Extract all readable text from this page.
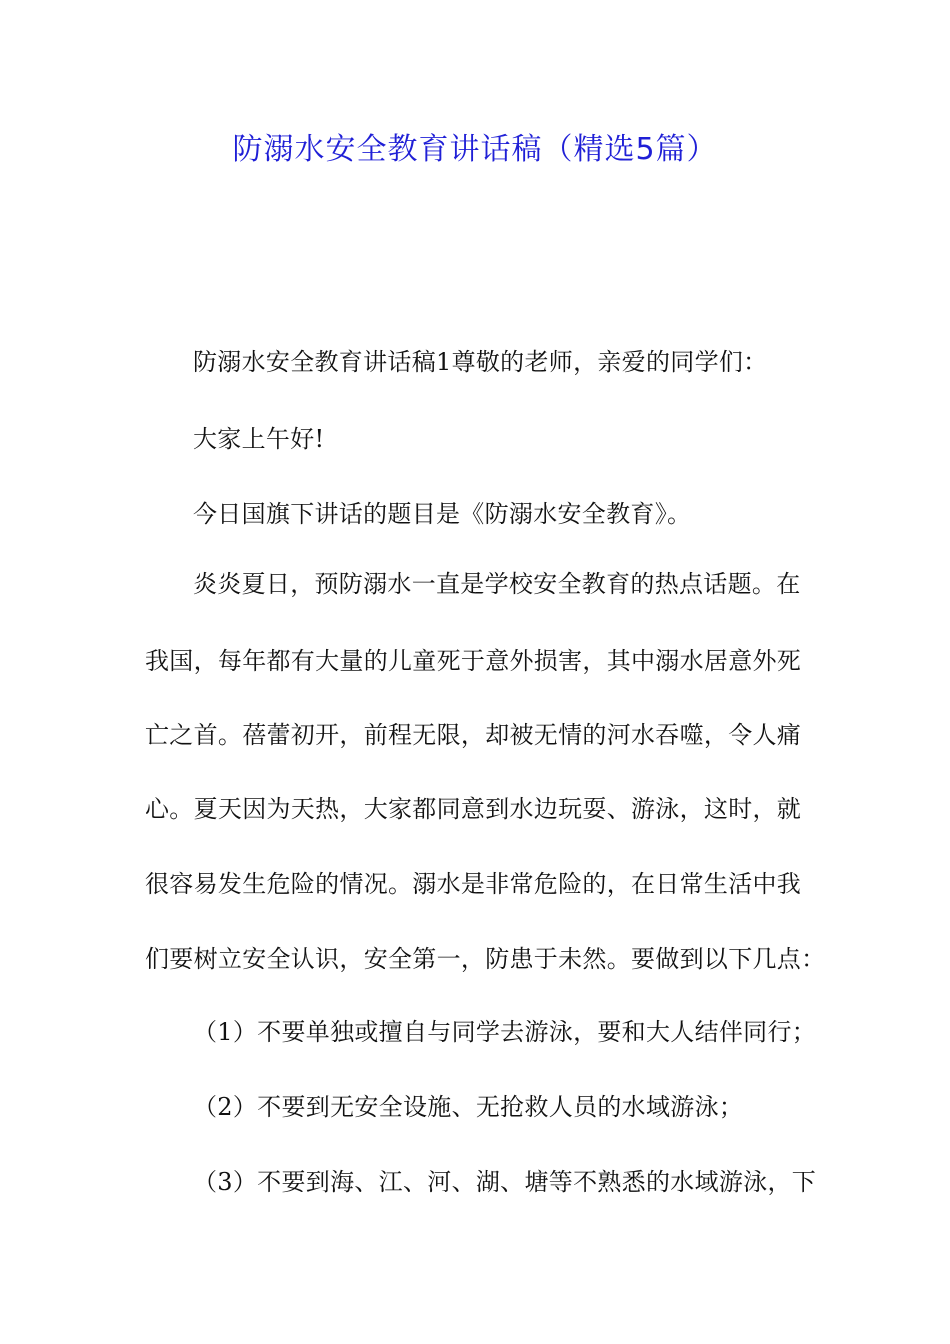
防溺水安全教育讲话稿（精选5篇）
防溺水安全教育讲话稿1尊敬的老师，亲爱的同学们：
大家上午好!
今日国旗下讲话的题目是《防溺水安全教育》。
炎炎夏日，预防溺水一直是学校安全教育的热点话题。在
我国，每年都有大量的儿童死于意外损害，其中溺水居意外死
亡之首。蓓蕾初开，前程无限，却被无情的河水吞噬，令人痛
心。夏天因为天热，大家都同意到水边玩耍、游泳，这时，就
很容易发生危险的情况。溺水是非常危险的，在日常生活中我
们要树立安全认识，安全第一，防患于未然。要做到以下几点：
（1）不要单独或擅自与同学去游泳，要和大人结伴同行；
（2）不要到无安全设施、无抢救人员的水域游泳；
（3）不要到海、江、河、湖、塘等不熟悉的水域游泳，下
